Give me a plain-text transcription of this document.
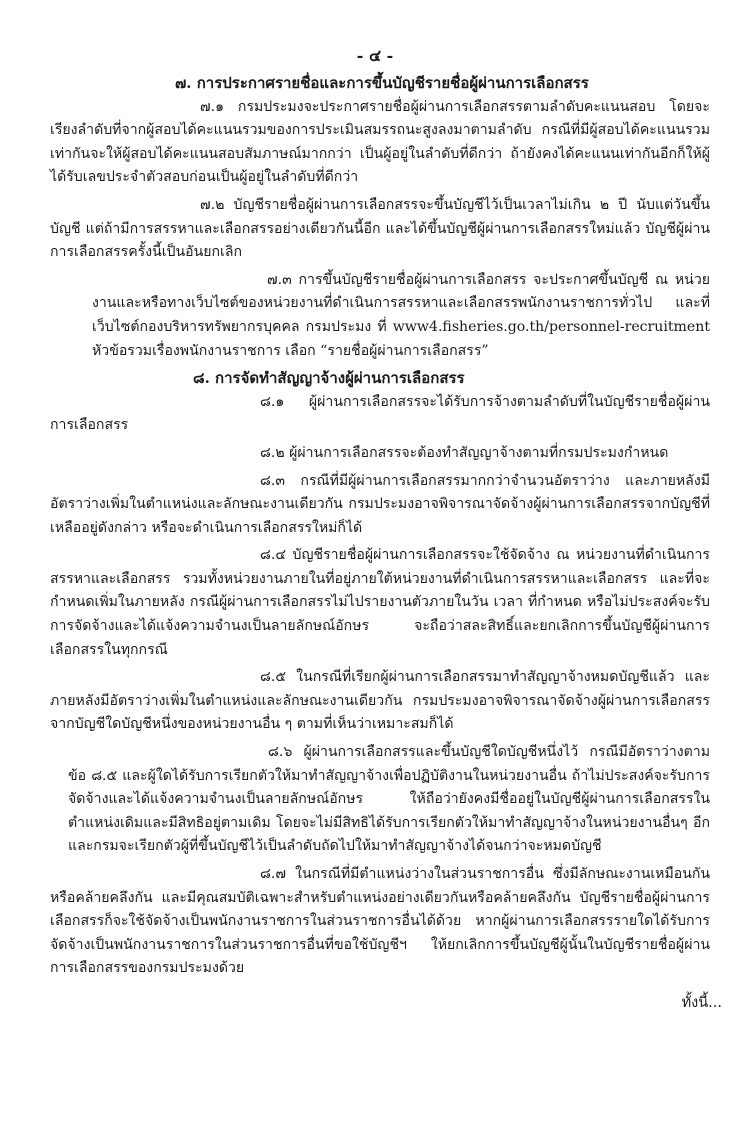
- ๔ -

๗. การประกาศรายชื่อและการขึ้นบัญชีรายชื่อผู้ผ่านการเลือกสรร

๗.๑ กรมประมงจะประกาศรายชื่อผู้ผ่านการเลือกสรรตามลำดับคะแนนสอบ โดยจะเรียงลำดับที่จากผู้สอบได้คะแนนรวมของการประเมินสมรรถนะสูงลงมาตามลำดับ กรณีที่มีผู้สอบได้คะแนนรวมเท่ากันจะให้ผู้สอบได้คะแนนสอบสัมภาษณ์มากกว่า เป็นผู้อยู่ในลำดับที่ดีกว่า ถ้ายังคงได้คะแนนเท่ากันอีกก็ให้ผู้ได้รับเลขประจำตัวสอบก่อนเป็นผู้อยู่ในลำดับที่ดีกว่า

๗.๒ บัญชีรายชื่อผู้ผ่านการเลือกสรรจะขึ้นบัญชีไว้เป็นเวลาไม่เกิน ๒ ปี นับแต่วันขึ้นบัญชี แต่ถ้ามีการสรรหาและเลือกสรรอย่างเดียวกันนี้อีก และได้ขึ้นบัญชีผู้ผ่านการเลือกสรรใหม่แล้ว บัญชีผู้ผ่านการเลือกสรรครั้งนี้เป็นอันยกเลิก

๗.๓ การขึ้นบัญชีรายชื่อผู้ผ่านการเลือกสรร จะประกาศขึ้นบัญชี ณ หน่วยงานและหรือทางเว็บไซต์ของหน่วยงานที่ดำเนินการสรรหาและเลือกสรรพนักงานราชการทั่วไป และที่เว็บไซต์กองบริหารทรัพยากรบุคคล กรมประมง ที่ www4.fisheries.go.th/personnel-recruitment หัวข้อรวมเรื่องพนักงานราชการ เลือก “รายชื่อผู้ผ่านการเลือกสรร”

๘. การจัดทำสัญญาจ้างผู้ผ่านการเลือกสรร

๘.๑ ผู้ผ่านการเลือกสรรจะได้รับการจ้างตามลำดับที่ในบัญชีรายชื่อผู้ผ่านการเลือกสรร

๘.๒ ผู้ผ่านการเลือกสรรจะต้องทำสัญญาจ้างตามที่กรมประมงกำหนด

๘.๓ กรณีที่มีผู้ผ่านการเลือกสรรมากกว่าจำนวนอัตราว่าง และภายหลังมีอัตราว่างเพิ่มในตำแหน่งและลักษณะงานเดียวกัน กรมประมงอาจพิจารณาจัดจ้างผู้ผ่านการเลือกสรรจากบัญชีที่เหลืออยู่ดังกล่าว หรือจะดำเนินการเลือกสรรใหม่ก็ได้

๘.๔ บัญชีรายชื่อผู้ผ่านการเลือกสรรจะใช้จัดจ้าง ณ หน่วยงานที่ดำเนินการสรรหาและเลือกสรร รวมทั้งหน่วยงานภายในที่อยู่ภายใต้หน่วยงานที่ดำเนินการสรรหาและเลือกสรร และที่จะกำหนดเพิ่มในภายหลัง กรณีผู้ผ่านการเลือกสรรไม่ไปรายงานตัวภายในวัน เวลา ที่กำหนด หรือไม่ประสงค์จะรับการจัดจ้างและได้แจ้งความจำนงเป็นลายลักษณ์อักษร จะถือว่าสละสิทธิ์และยกเลิกการขึ้นบัญชีผู้ผ่านการเลือกสรรในทุกกรณี

๘.๕ ในกรณีที่เรียกผู้ผ่านการเลือกสรรมาทำสัญญาจ้างหมดบัญชีแล้ว และภายหลังมีอัตราว่างเพิ่มในตำแหน่งและลักษณะงานเดียวกัน กรมประมงอาจพิจารณาจัดจ้างผู้ผ่านการเลือกสรรจากบัญชีใดบัญชีหนึ่งของหน่วยงานอื่น ๆ ตามที่เห็นว่าเหมาะสมก็ได้

๘.๖ ผู้ผ่านการเลือกสรรและขึ้นบัญชีใดบัญชีหนึ่งไว้ กรณีมีอัตราว่างตามข้อ ๘.๕ และผู้ใดได้รับการเรียกตัวให้มาทำสัญญาจ้างเพื่อปฏิบัติงานในหน่วยงานอื่น ถ้าไม่ประสงค์จะรับการจัดจ้างและได้แจ้งความจำนงเป็นลายลักษณ์อักษร ให้ถือว่ายังคงมีชื่ออยู่ในบัญชีผู้ผ่านการเลือกสรรในตำแหน่งเดิมและมีสิทธิอยู่ตามเดิม โดยจะไม่มีสิทธิได้รับการเรียกตัวให้มาทำสัญญาจ้างในหน่วยงานอื่นๆ อีก และกรมจะเรียกตัวผู้ที่ขึ้นบัญชีไว้เป็นลำดับถัดไปให้มาทำสัญญาจ้างได้จนกว่าจะหมดบัญชี

๘.๗ ในกรณีที่มีตำแหน่งว่างในส่วนราชการอื่น ซึ่งมีลักษณะงานเหมือนกันหรือคล้ายคลึงกัน และมีคุณสมบัติเฉพาะสำหรับตำแหน่งอย่างเดียวกันหรือคล้ายคลึงกัน บัญชีรายชื่อผู้ผ่านการเลือกสรรก็จะใช้จัดจ้างเป็นพนักงานราชการในส่วนราชการอื่นได้ด้วย หากผู้ผ่านการเลือกสรรรายใดได้รับการจัดจ้างเป็นพนักงานราชการในส่วนราชการอื่นที่ขอใช้บัญชีฯ ให้ยกเลิกการขึ้นบัญชีผู้นั้นในบัญชีรายชื่อผู้ผ่านการเลือกสรรของกรมประมงด้วย

ทั้งนี้...
